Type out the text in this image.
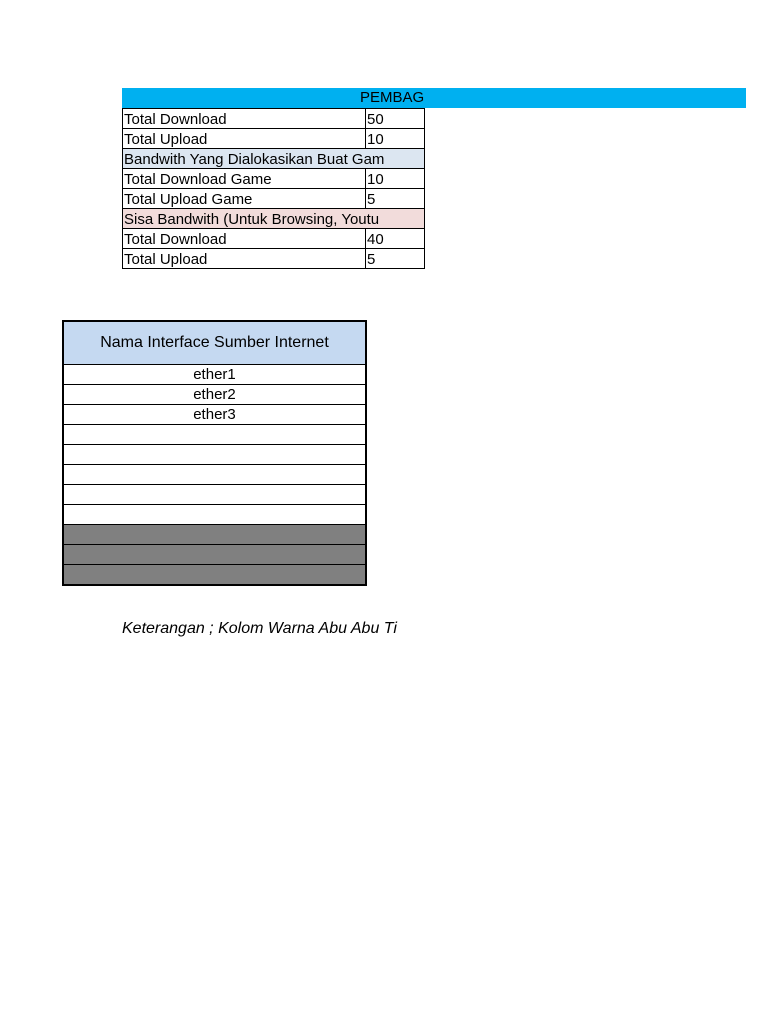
PEMBAG
Total Download	50
Total Upload	10
Bandwith Yang Dialokasikan Buat Gam	
Total Download Game	10
Total Upload Game	5
Sisa Bandwith (Untuk Browsing, Youtu	
Total Download	40
Total Upload	5
Nama Interface Sumber Internet
ether1
ether2
ether3

Keterangan ; Kolom Warna Abu Abu Ti
